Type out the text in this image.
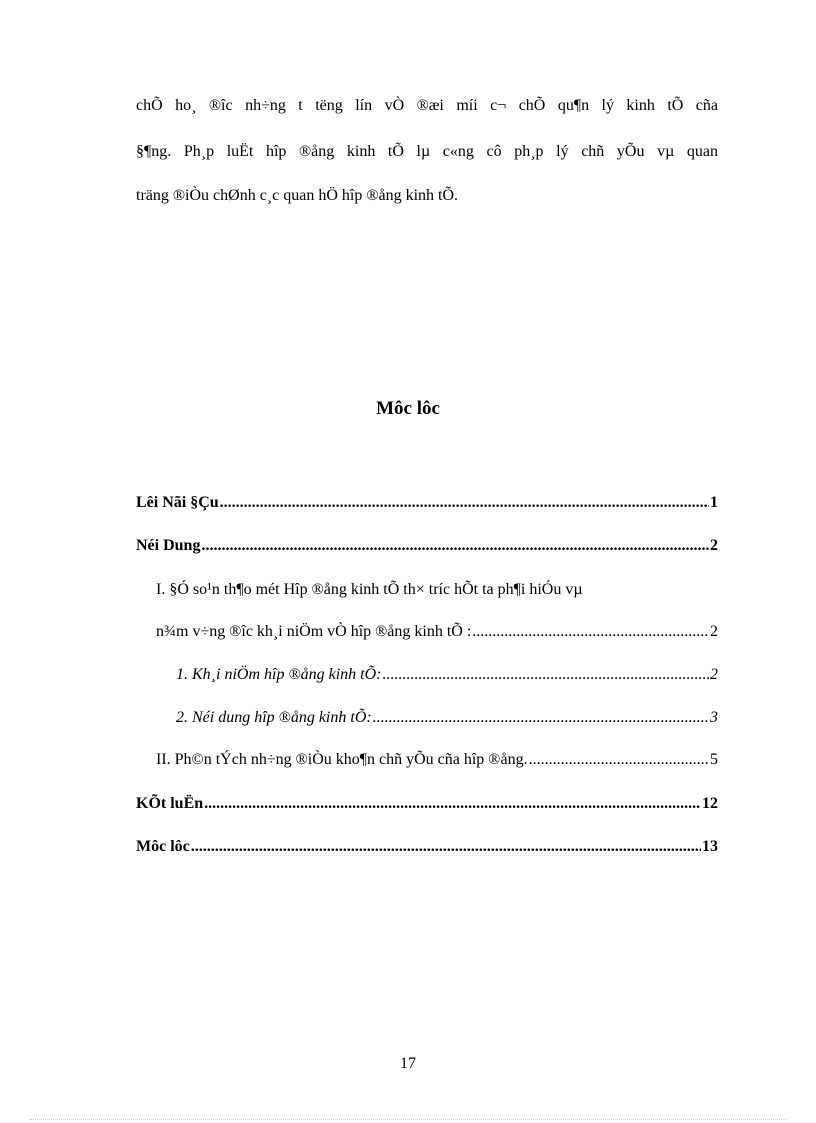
chÕ ho¸ ®îc nh÷ng t tëng lín vÒ ®æi míi c¬ chÕ qu¶n lý kinh tÕ cña
§¶ng. Ph¸p luËt hîp ®ång kinh tÕ lµ c«ng cô ph¸p lý chñ yÕu vµ quan
träng ®iÒu chØnh c¸c quan hÖ hîp ®ång kinh tÕ.
Môc lôc
Lêi Nãi §Çu .....	1
Néi Dung .....	2
I. §Ó so¹n th¶o mét Hîp ®ång kinh tÕ th× tríc hÕt ta ph¶i hiÓu vµ
n¾m v÷ng ®îc kh¸i niÖm vÒ hîp ®ång kinh tÕ : .....	2
1. Kh¸i niÖm hîp ®ång kinh tÕ: .....	2
2. Néi dung hîp ®ång kinh tÕ: .....	3
II. Ph©n tÝch nh÷ng ®iÒu kho¶n chñ yÕu cña hîp ®ång. .....	5
KÕt luËn .....	12
Môc lôc .....	13
17
